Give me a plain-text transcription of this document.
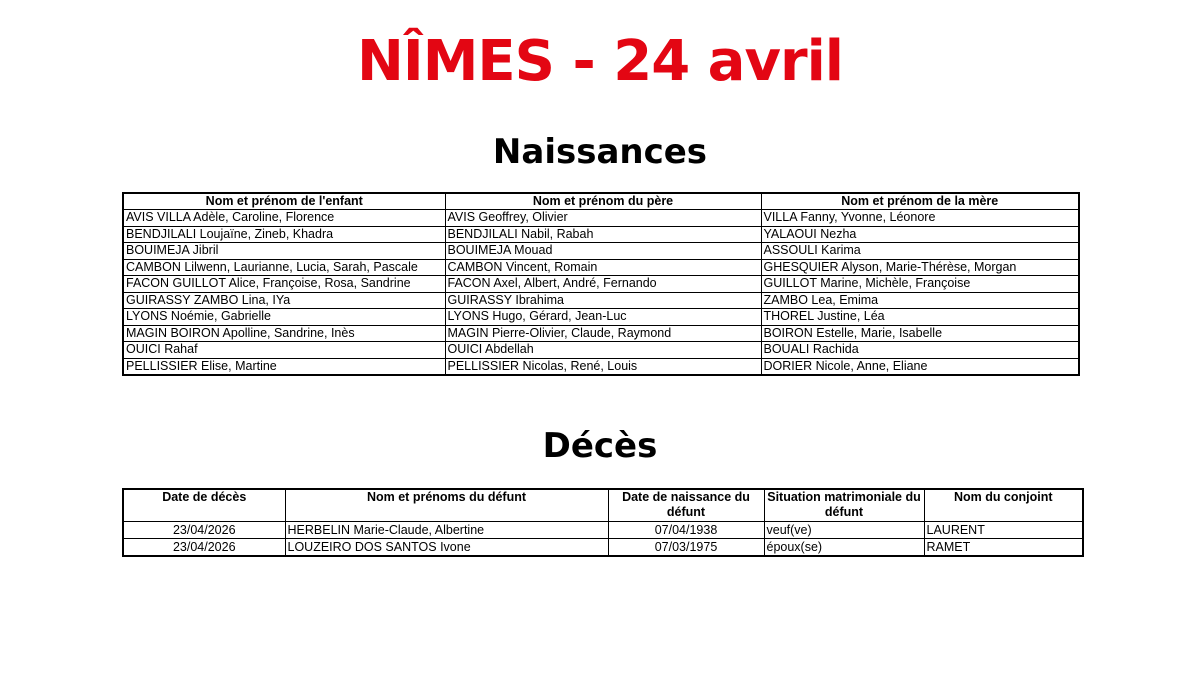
NÎMES - 24 avril
Naissances
Nom et prénom de l'enfant	Nom et prénom du père	Nom et prénom de la mère
AVIS VILLA Adèle, Caroline, Florence	AVIS Geoffrey, Olivier	VILLA Fanny, Yvonne, Léonore
BENDJILALI Loujaïne, Zineb, Khadra	BENDJILALI Nabil, Rabah	YALAOUI Nezha
BOUIMEJA Jibril	BOUIMEJA Mouad	ASSOULI Karima
CAMBON Lilwenn, Laurianne, Lucia, Sarah, Pascale	CAMBON Vincent, Romain	GHESQUIER Alyson, Marie-Thérèse, Morgan
FACON GUILLOT Alice, Françoise, Rosa, Sandrine	FACON Axel, Albert, André, Fernando	GUILLOT Marine, Michèle, Françoise
GUIRASSY ZAMBO Lina, IYa	GUIRASSY Ibrahima	ZAMBO Lea, Emima
LYONS Noémie, Gabrielle	LYONS Hugo, Gérard, Jean-Luc	THOREL Justine, Léa
MAGIN BOIRON Apolline, Sandrine, Inès	MAGIN Pierre-Olivier, Claude, Raymond	BOIRON Estelle, Marie, Isabelle
OUICI Rahaf	OUICI Abdellah	BOUALI Rachida
PELLISSIER Elise, Martine	PELLISSIER Nicolas, René, Louis	DORIER Nicole, Anne, Eliane
Décès
Date de décès	Nom et prénoms du défunt	Date de naissance du défunt	Situation matrimoniale du défunt	Nom du conjoint
23/04/2026	HERBELIN Marie-Claude, Albertine	07/04/1938	veuf(ve)	LAURENT
23/04/2026	LOUZEIRO DOS SANTOS Ivone	07/03/1975	époux(se)	RAMET
